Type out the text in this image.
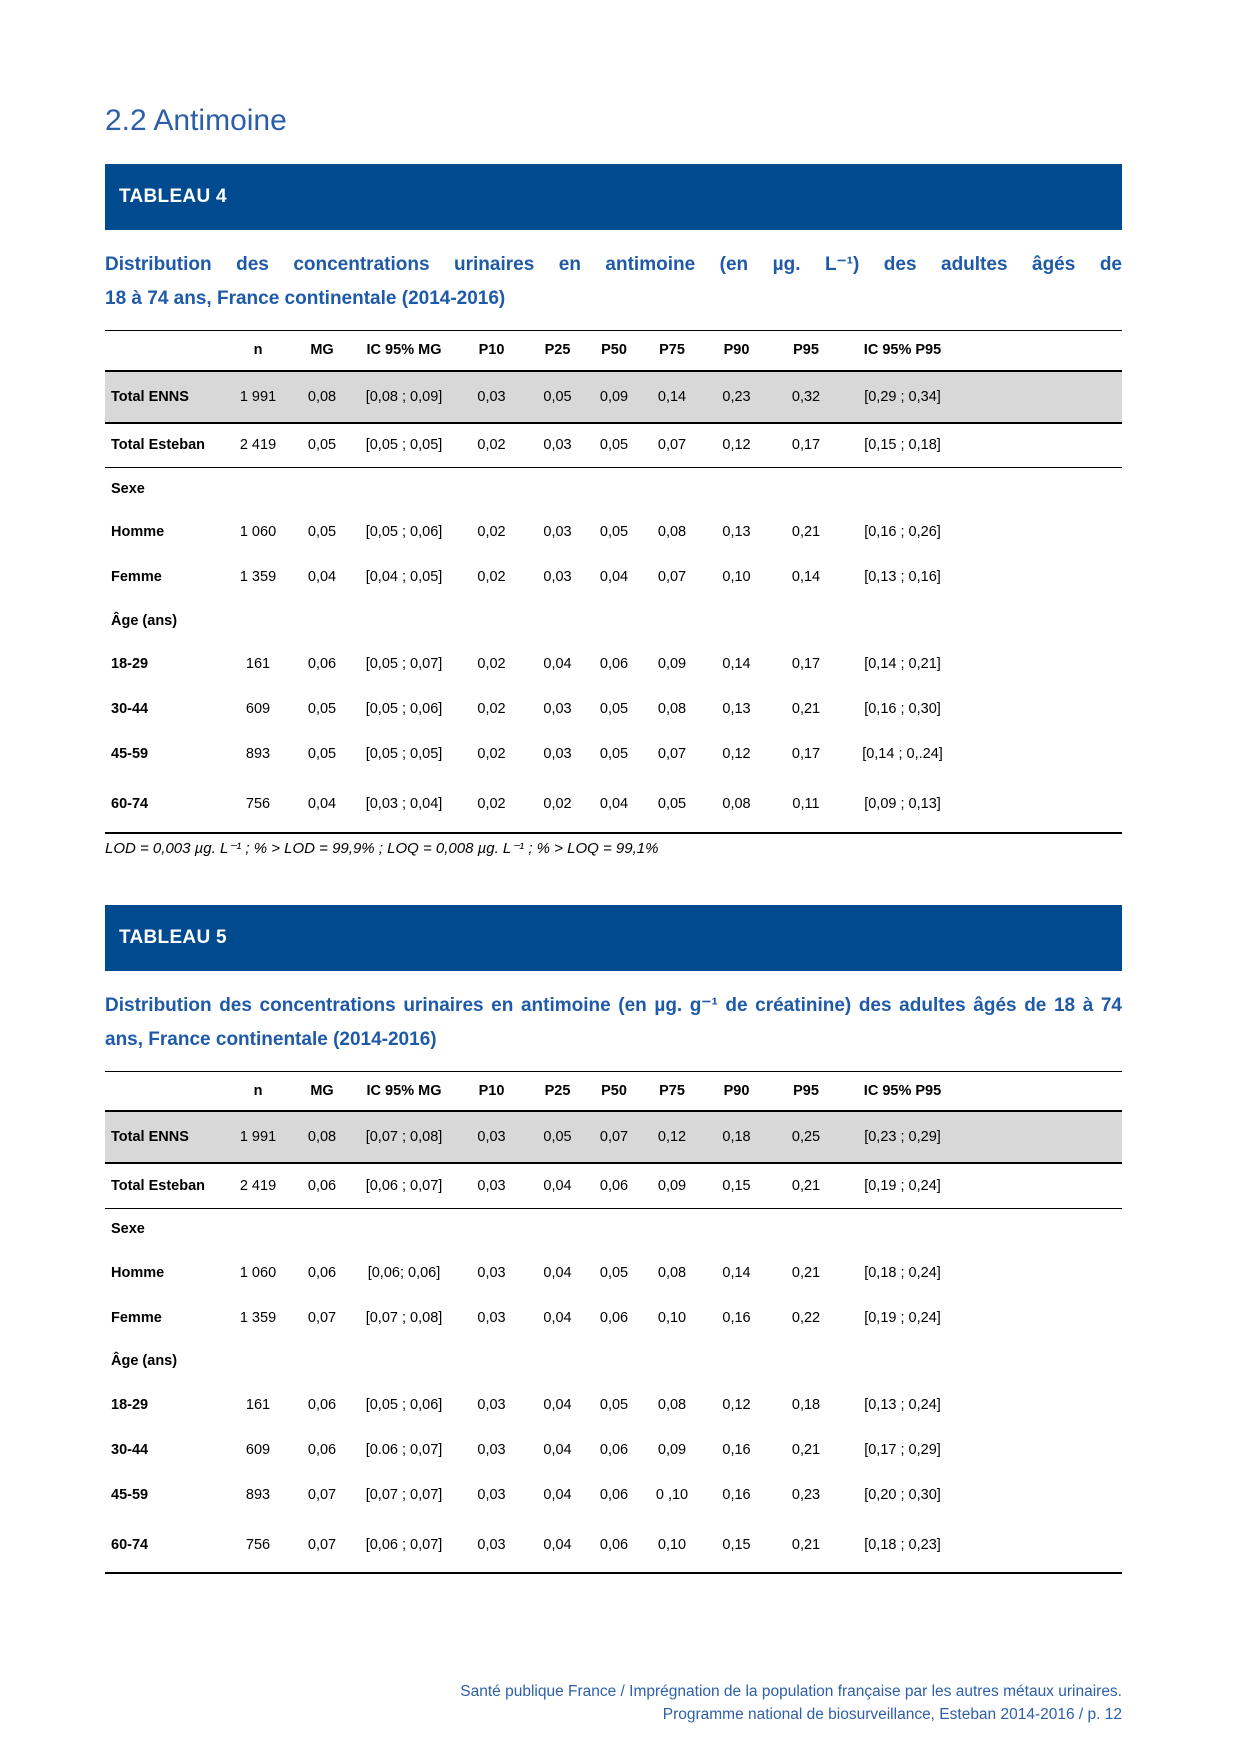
2.2 Antimoine
TABLEAU 4

Distribution des concentrations urinaires en antimoine (en µg. L⁻¹) des adultes âgés de
18 à 74 ans, France continentale (2014-2016)

	n	MG	IC 95% MG	P10	P25	P50	P75	P90	P95	IC 95% P95	
Total ENNS	1 991	0,08	[0,08 ; 0,09]	0,03	0,05	0,09	0,14	0,23	0,32	[0,29 ; 0,34]	
Total Esteban	2 419	0,05	[0,05 ; 0,05]	0,02	0,03	0,05	0,07	0,12	0,17	[0,15 ; 0,18]	
Sexe											
Homme	1 060	0,05	[0,05 ; 0,06]	0,02	0,03	0,05	0,08	0,13	0,21	[0,16 ; 0,26]	
Femme	1 359	0,04	[0,04 ; 0,05]	0,02	0,03	0,04	0,07	0,10	0,14	[0,13 ; 0,16]	
Âge (ans)											
18-29	161	0,06	[0,05 ; 0,07]	0,02	0,04	0,06	0,09	0,14	0,17	[0,14 ; 0,21]	
30-44	609	0,05	[0,05 ; 0,06]	0,02	0,03	0,05	0,08	0,13	0,21	[0,16 ; 0,30]	
45-59	893	0,05	[0,05 ; 0,05]	0,02	0,03	0,05	0,07	0,12	0,17	[0,14 ; 0,.24]	
60-74	756	0,04	[0,03 ; 0,04]	0,02	0,02	0,04	0,05	0,08	0,11	[0,09 ; 0,13]	
LOD = 0,003 µg. L⁻¹ ; % > LOD = 99,9% ; LOQ = 0,008 µg. L⁻¹ ; % > LOQ = 99,1%
TABLEAU 5

Distribution des concentrations urinaires en antimoine (en µg. g⁻¹ de créatinine) des adultes âgés de 18 à 74
ans, France continentale (2014-2016)

	n	MG	IC 95% MG	P10	P25	P50	P75	P90	P95	IC 95% P95	
Total ENNS	1 991	0,08	[0,07 ; 0,08]	0,03	0,05	0,07	0,12	0,18	0,25	[0,23 ; 0,29]	
Total Esteban	2 419	0,06	[0,06 ; 0,07]	0,03	0,04	0,06	0,09	0,15	0,21	[0,19 ; 0,24]	
Sexe											
Homme	1 060	0,06	[0,06; 0,06]	0,03	0,04	0,05	0,08	0,14	0,21	[0,18 ; 0,24]	
Femme	1 359	0,07	[0,07 ; 0,08]	0,03	0,04	0,06	0,10	0,16	0,22	[0,19 ; 0,24]	
Âge (ans)											
18-29	161	0,06	[0,05 ; 0,06]	0,03	0,04	0,05	0,08	0,12	0,18	[0,13 ; 0,24]	
30-44	609	0,06	[0.06 ; 0,07]	0,03	0,04	0,06	0,09	0,16	0,21	[0,17 ; 0,29]	
45-59	893	0,07	[0,07 ; 0,07]	0,03	0,04	0,06	0 ,10	0,16	0,23	[0,20 ; 0,30]	
60-74	756	0,07	[0,06 ; 0,07]	0,03	0,04	0,06	0,10	0,15	0,21	[0,18 ; 0,23]	
Santé publique France / Imprégnation de la population française par les autres métaux urinaires.
Programme national de biosurveillance, Esteban 2014-2016 / p. 12
